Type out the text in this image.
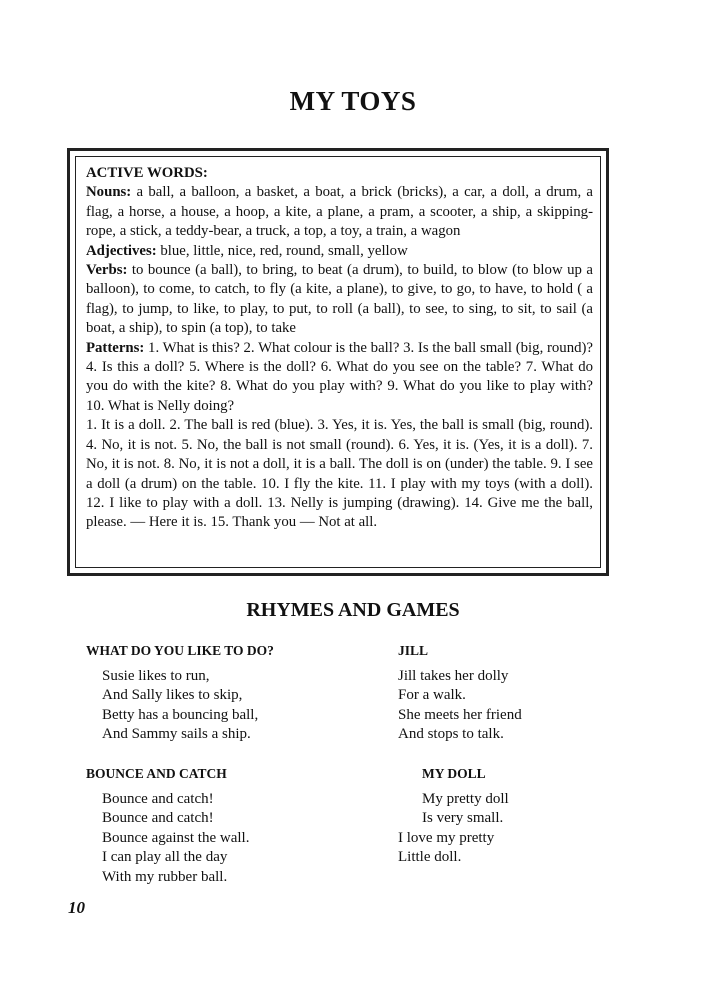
MY TOYS

ACTIVE WORDS:

Nouns: a ball, a balloon, a basket, a boat, a brick (bricks), a car, a doll, a drum, a flag, a horse, a house, a hoop, a kite, a plane, a pram, a scooter, a ship, a skipping-rope, a stick, a teddy-bear, a truck, a top, a toy, a train, a wagon

Adjectives: blue, little, nice, red, round, small, yellow

Verbs: to bounce (a ball), to bring, to beat (a drum), to build, to blow (to blow up a balloon), to come, to catch, to fly (a kite, a plane), to give, to go, to have, to hold ( a flag), to jump, to like, to play, to put, to roll (a ball), to see, to sing, to sit, to sail (a boat, a ship), to spin (a top), to take

Patterns: 1. What is this? 2. What colour is the ball? 3. Is the ball small (big, round)? 4. Is this a doll? 5. Where is the doll? 6. What do you see on the table? 7. What do you do with the kite? 8. What do you play with? 9. What do you like to play with? 10. What is Nelly doing?

1. It is a doll. 2. The ball is red (blue). 3. Yes, it is. Yes, the ball is small (big, round). 4. No, it is not. 5. No, the ball is not small (round). 6. Yes, it is. (Yes, it is a doll). 7. No, it is not. 8. No, it is not a doll, it is a ball. The doll is on (under) the table. 9. I see a doll (a drum) on the table. 10. I fly the kite. 11. I play with my toys (with a doll). 12. I like to play with a doll. 13. Nelly is jumping (drawing). 14. Give me the ball, please. — Here it is. 15. Thank you — Not at all.

RHYMES AND GAMES
WHAT DO YOU LIKE TO DO?
Susie likes to run,
And Sally likes to skip,
Betty has a bouncing ball,
And Sammy sails a ship.
JILL
Jill takes her dolly
For a walk.
She meets her friend
And stops to talk.
BOUNCE AND CATCH
Bounce and catch!
Bounce and catch!
Bounce against the wall.
I can play all the day
With my rubber ball.
MY DOLL
My pretty doll
Is very small.
I love my pretty
Little doll.
10
